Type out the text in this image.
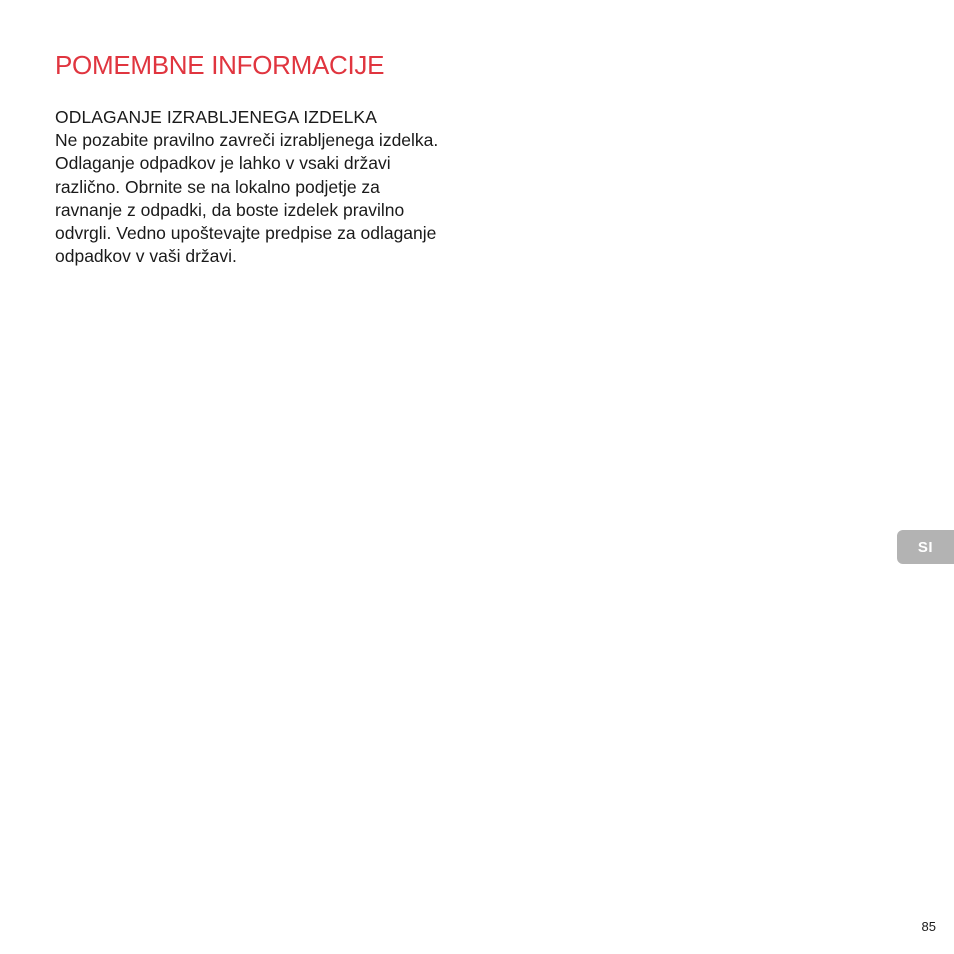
POMEMBNE INFORMACIJE
ODLAGANJE IZRABLJENEGA IZDELKA

Ne pozabite pravilno zavreči izrabljenega izdelka.

Odlaganje odpadkov je lahko v vsaki državi različno. Obrnite se na lokalno podjetje za ravnanje z odpadki, da boste izdelek pravilno odvrgli. Vedno upoštevajte predpise za odlaganje odpadkov v vaši državi.

SI
85
